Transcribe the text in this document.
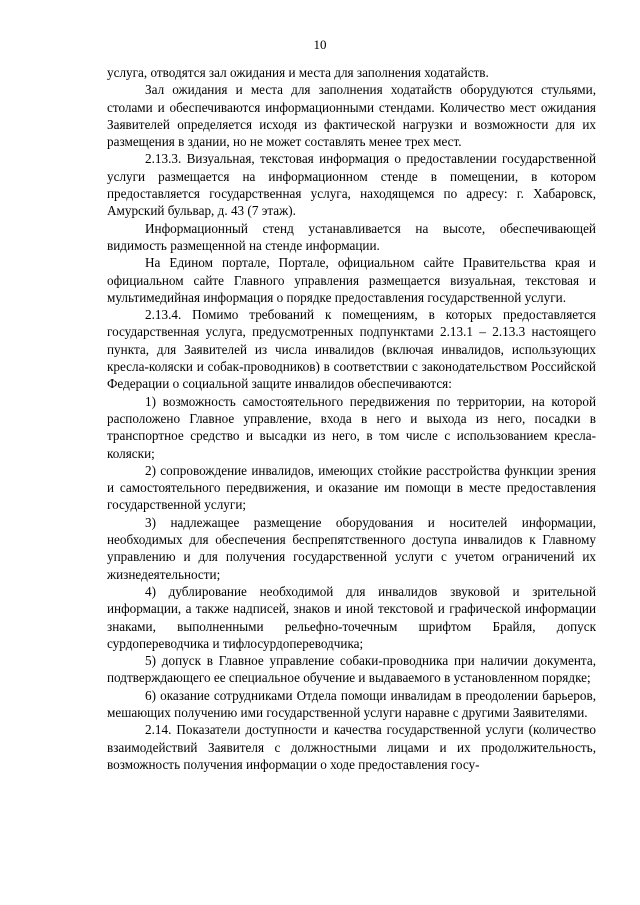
10

услуга, отводятся зал ожидания и места для заполнения ходатайств.

Зал ожидания и места для заполнения ходатайств оборудуются стульями, столами и обеспечиваются информационными стендами. Количество мест ожидания Заявителей определяется исходя из фактической нагрузки и возможности для их размещения в здании, но не может составлять менее трех мест.

2.13.3. Визуальная, текстовая информация о предоставлении государственной услуги размещается на информационном стенде в помещении, в котором предоставляется государственная услуга, находящемся по адресу: г. Хабаровск, Амурский бульвар, д. 43 (7 этаж).

Информационный стенд устанавливается на высоте, обеспечивающей видимость размещенной на стенде информации.

На Едином портале, Портале, официальном сайте Правительства края и официальном сайте Главного управления размещается визуальная, текстовая и мультимедийная информация о порядке предоставления государственной услуги.

2.13.4. Помимо требований к помещениям, в которых предоставляется государственная услуга, предусмотренных подпунктами 2.13.1 – 2.13.3 настоящего пункта, для Заявителей из числа инвалидов (включая инвалидов, использующих кресла-коляски и собак-проводников) в соответствии с законодательством Российской Федерации о социальной защите инвалидов обеспечиваются:

1) возможность самостоятельного передвижения по территории, на которой расположено Главное управление, входа в него и выхода из него, посадки в транспортное средство и высадки из него, в том числе с использованием кресла-коляски;

2) сопровождение инвалидов, имеющих стойкие расстройства функции зрения и самостоятельного передвижения, и оказание им помощи в месте предоставления государственной услуги;

3) надлежащее размещение оборудования и носителей информации, необходимых для обеспечения беспрепятственного доступа инвалидов к Главному управлению и для получения государственной услуги с учетом ограничений их жизнедеятельности;

4) дублирование необходимой для инвалидов звуковой и зрительной информации, а также надписей, знаков и иной текстовой и графической информации знаками, выполненными рельефно-точечным шрифтом Брайля, допуск сурдопереводчика и тифлосурдопереводчика;

5) допуск в Главное управление собаки-проводника при наличии документа, подтверждающего ее специальное обучение и выдаваемого в установленном порядке;

6) оказание сотрудниками Отдела помощи инвалидам в преодолении барьеров, мешающих получению ими государственной услуги наравне с другими Заявителями.

2.14. Показатели доступности и качества государственной услуги (количество взаимодействий Заявителя с должностными лицами и их продолжительность, возможность получения информации о ходе предоставления госу-
